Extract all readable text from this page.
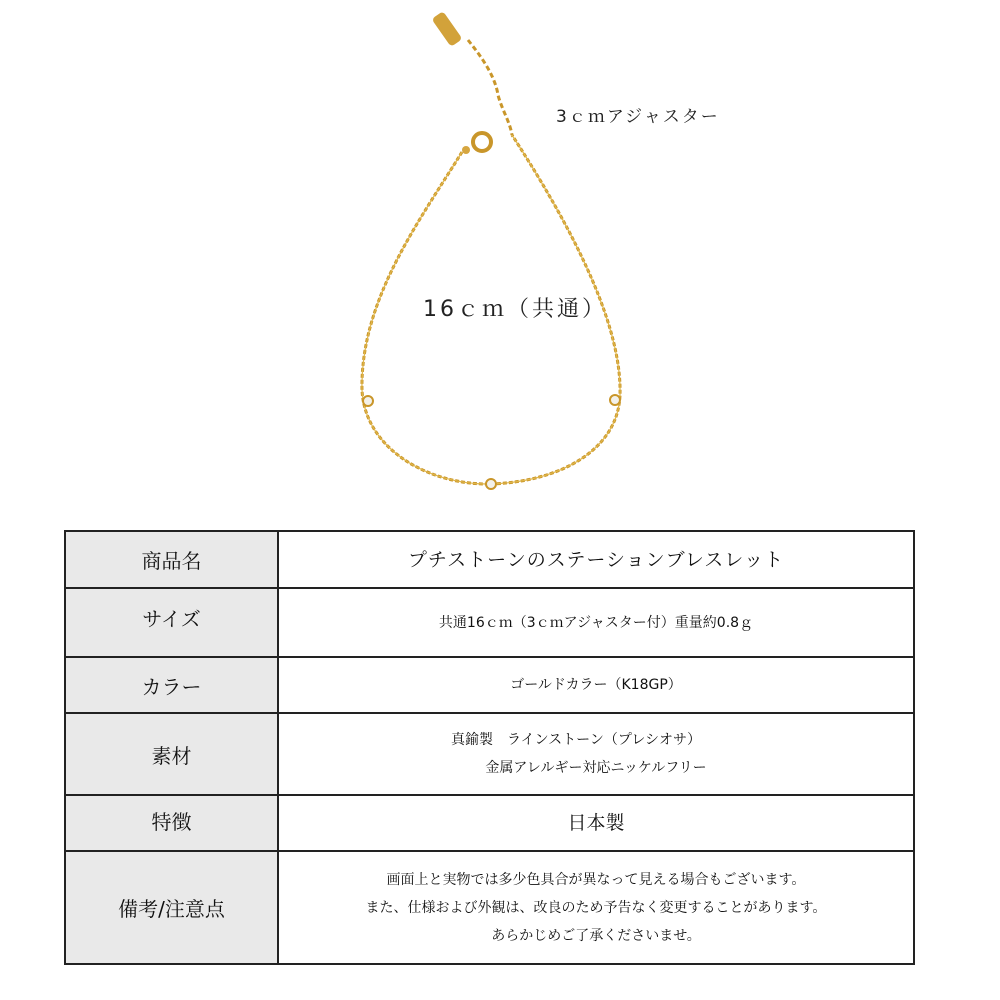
3ｃｍアジャスター
16ｃｍ（共通）
商品名	プチストーンのステーションブレスレット

サイズ	共通16ｃｍ（3ｃｍアジャスター付）重量約0.8ｇ

カラー	ゴールドカラー（K18GP）

素材	真鍮製　ラインストーン（プレシオサ）
金属アレルギー対応ニッケルフリー

特徴	日本製

備考/注意点	画面上と実物では多少色具合が異なって見える場合もございます。
また、仕様および外観は、改良のため予告なく変更することがあります。
あらかじめご了承くださいませ。
